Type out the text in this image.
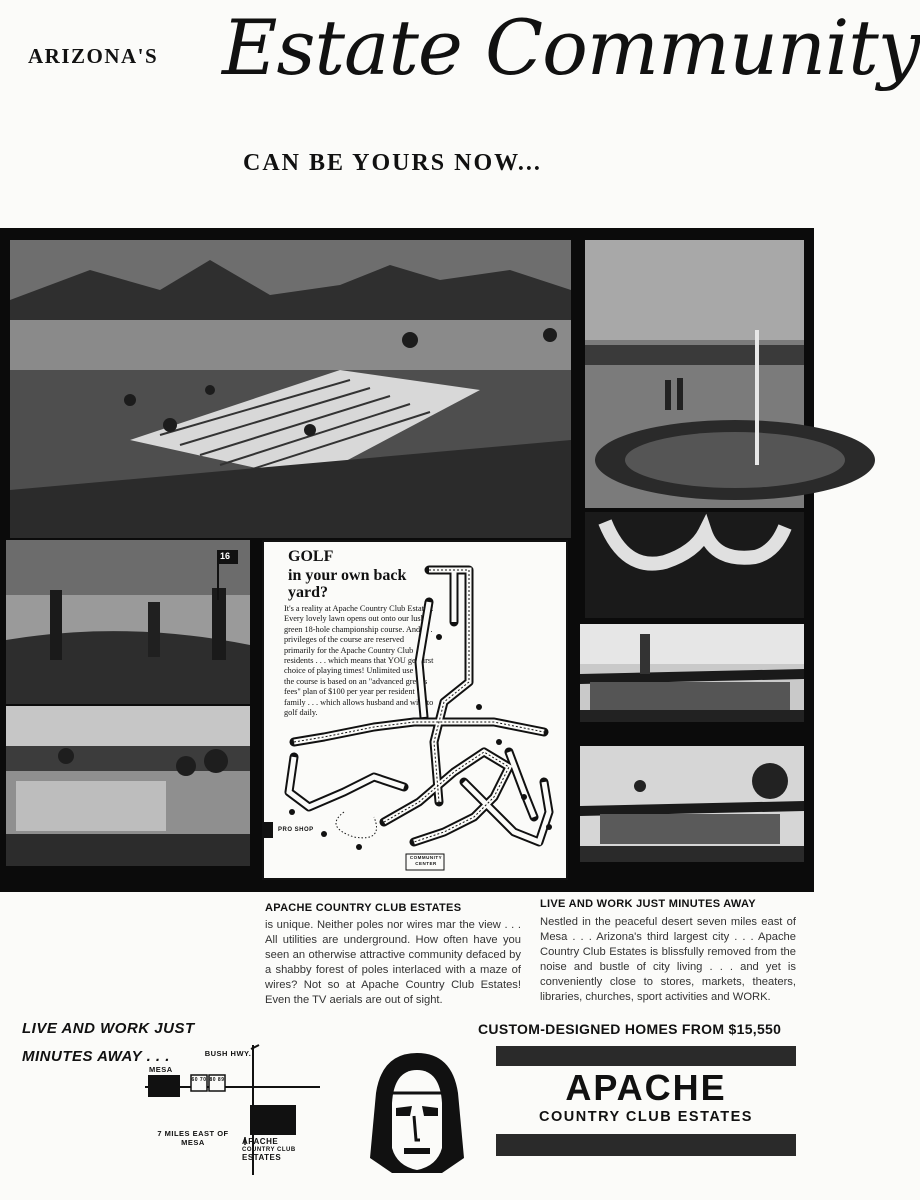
ARIZONA'S Estate Community
CAN BE YOURS NOW...
16	GOLF
in your own back yard?
It's a reality at Apache Country Club Estates! Every lovely lawn opens out onto our lush, green 18-hole championship course. And . . . privileges of the course are reserved primarily for the Apache Country Club residents . . . which means that YOU get first choice of playing times! Unlimited use of the course is based on an "advanced greens fees" plan of $100 per year per resident family . . . which allows husband and wife to golf daily.
PRO SHOP
COMMUNITY CENTER
APACHE COUNTRY CLUB ESTATES
is unique. Neither poles nor wires mar the view . . . All utilities are underground. How often have you seen an otherwise attractive community defaced by a shabby forest of poles interlaced with a maze of wires? Not so at Apache Country Club Estates! Even the TV aerials are out of sight.
LIVE AND WORK JUST MINUTES AWAY
Nestled in the peaceful desert seven miles east of Mesa . . . Arizona's third largest city . . . Apache Country Club Estates is blissfully removed from the noise and bustle of city living . . . and yet is conveniently close to stores, markets, theaters, libraries, churches, sport activities and WORK.
LIVE AND WORK JUST
MINUTES AWAY . . .	BUSH HWY.
MESA
60 70 80 89
7 MILES EAST OF MESA	APACHE
COUNTRY CLUB
ESTATES
CUSTOM-DESIGNED HOMES FROM $15,550
APACHE
COUNTRY CLUB ESTATES
